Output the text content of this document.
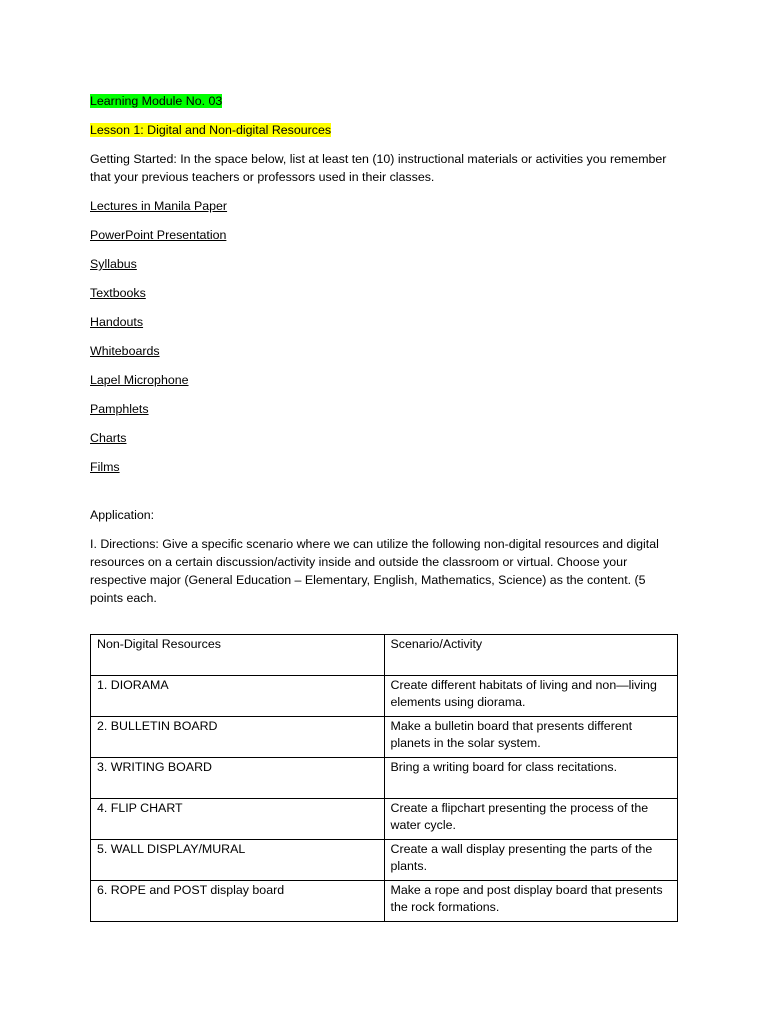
Learning Module No. 03

Lesson 1: Digital and Non-digital Resources

Getting Started: In the space below, list at least ten (10) instructional materials or activities you remember that your previous teachers or professors used in their classes.

Lectures in Manila Paper
PowerPoint Presentation
Syllabus
Textbooks
Handouts
Whiteboards
Lapel Microphone
Pamphlets
Charts
Films

Application:

I. Directions: Give a specific scenario where we can utilize the following non-digital resources and digital resources on a certain discussion/activity inside and outside the classroom or virtual. Choose your respective major (General Education – Elementary, English, Mathematics, Science) as the content. (5 points each.

Non-Digital Resources	Scenario/Activity
1. DIORAMA	Create different habitats of living and non—living elements using diorama.
2. BULLETIN BOARD	Make a bulletin board that presents different planets in the solar system.
3. WRITING BOARD	Bring a writing board for class recitations.
4. FLIP CHART	Create a flipchart presenting the process of the water cycle.
5. WALL DISPLAY/MURAL	Create a wall display presenting the parts of the plants.
6. ROPE and POST display board	Make a rope and post display board that presents the rock formations.
